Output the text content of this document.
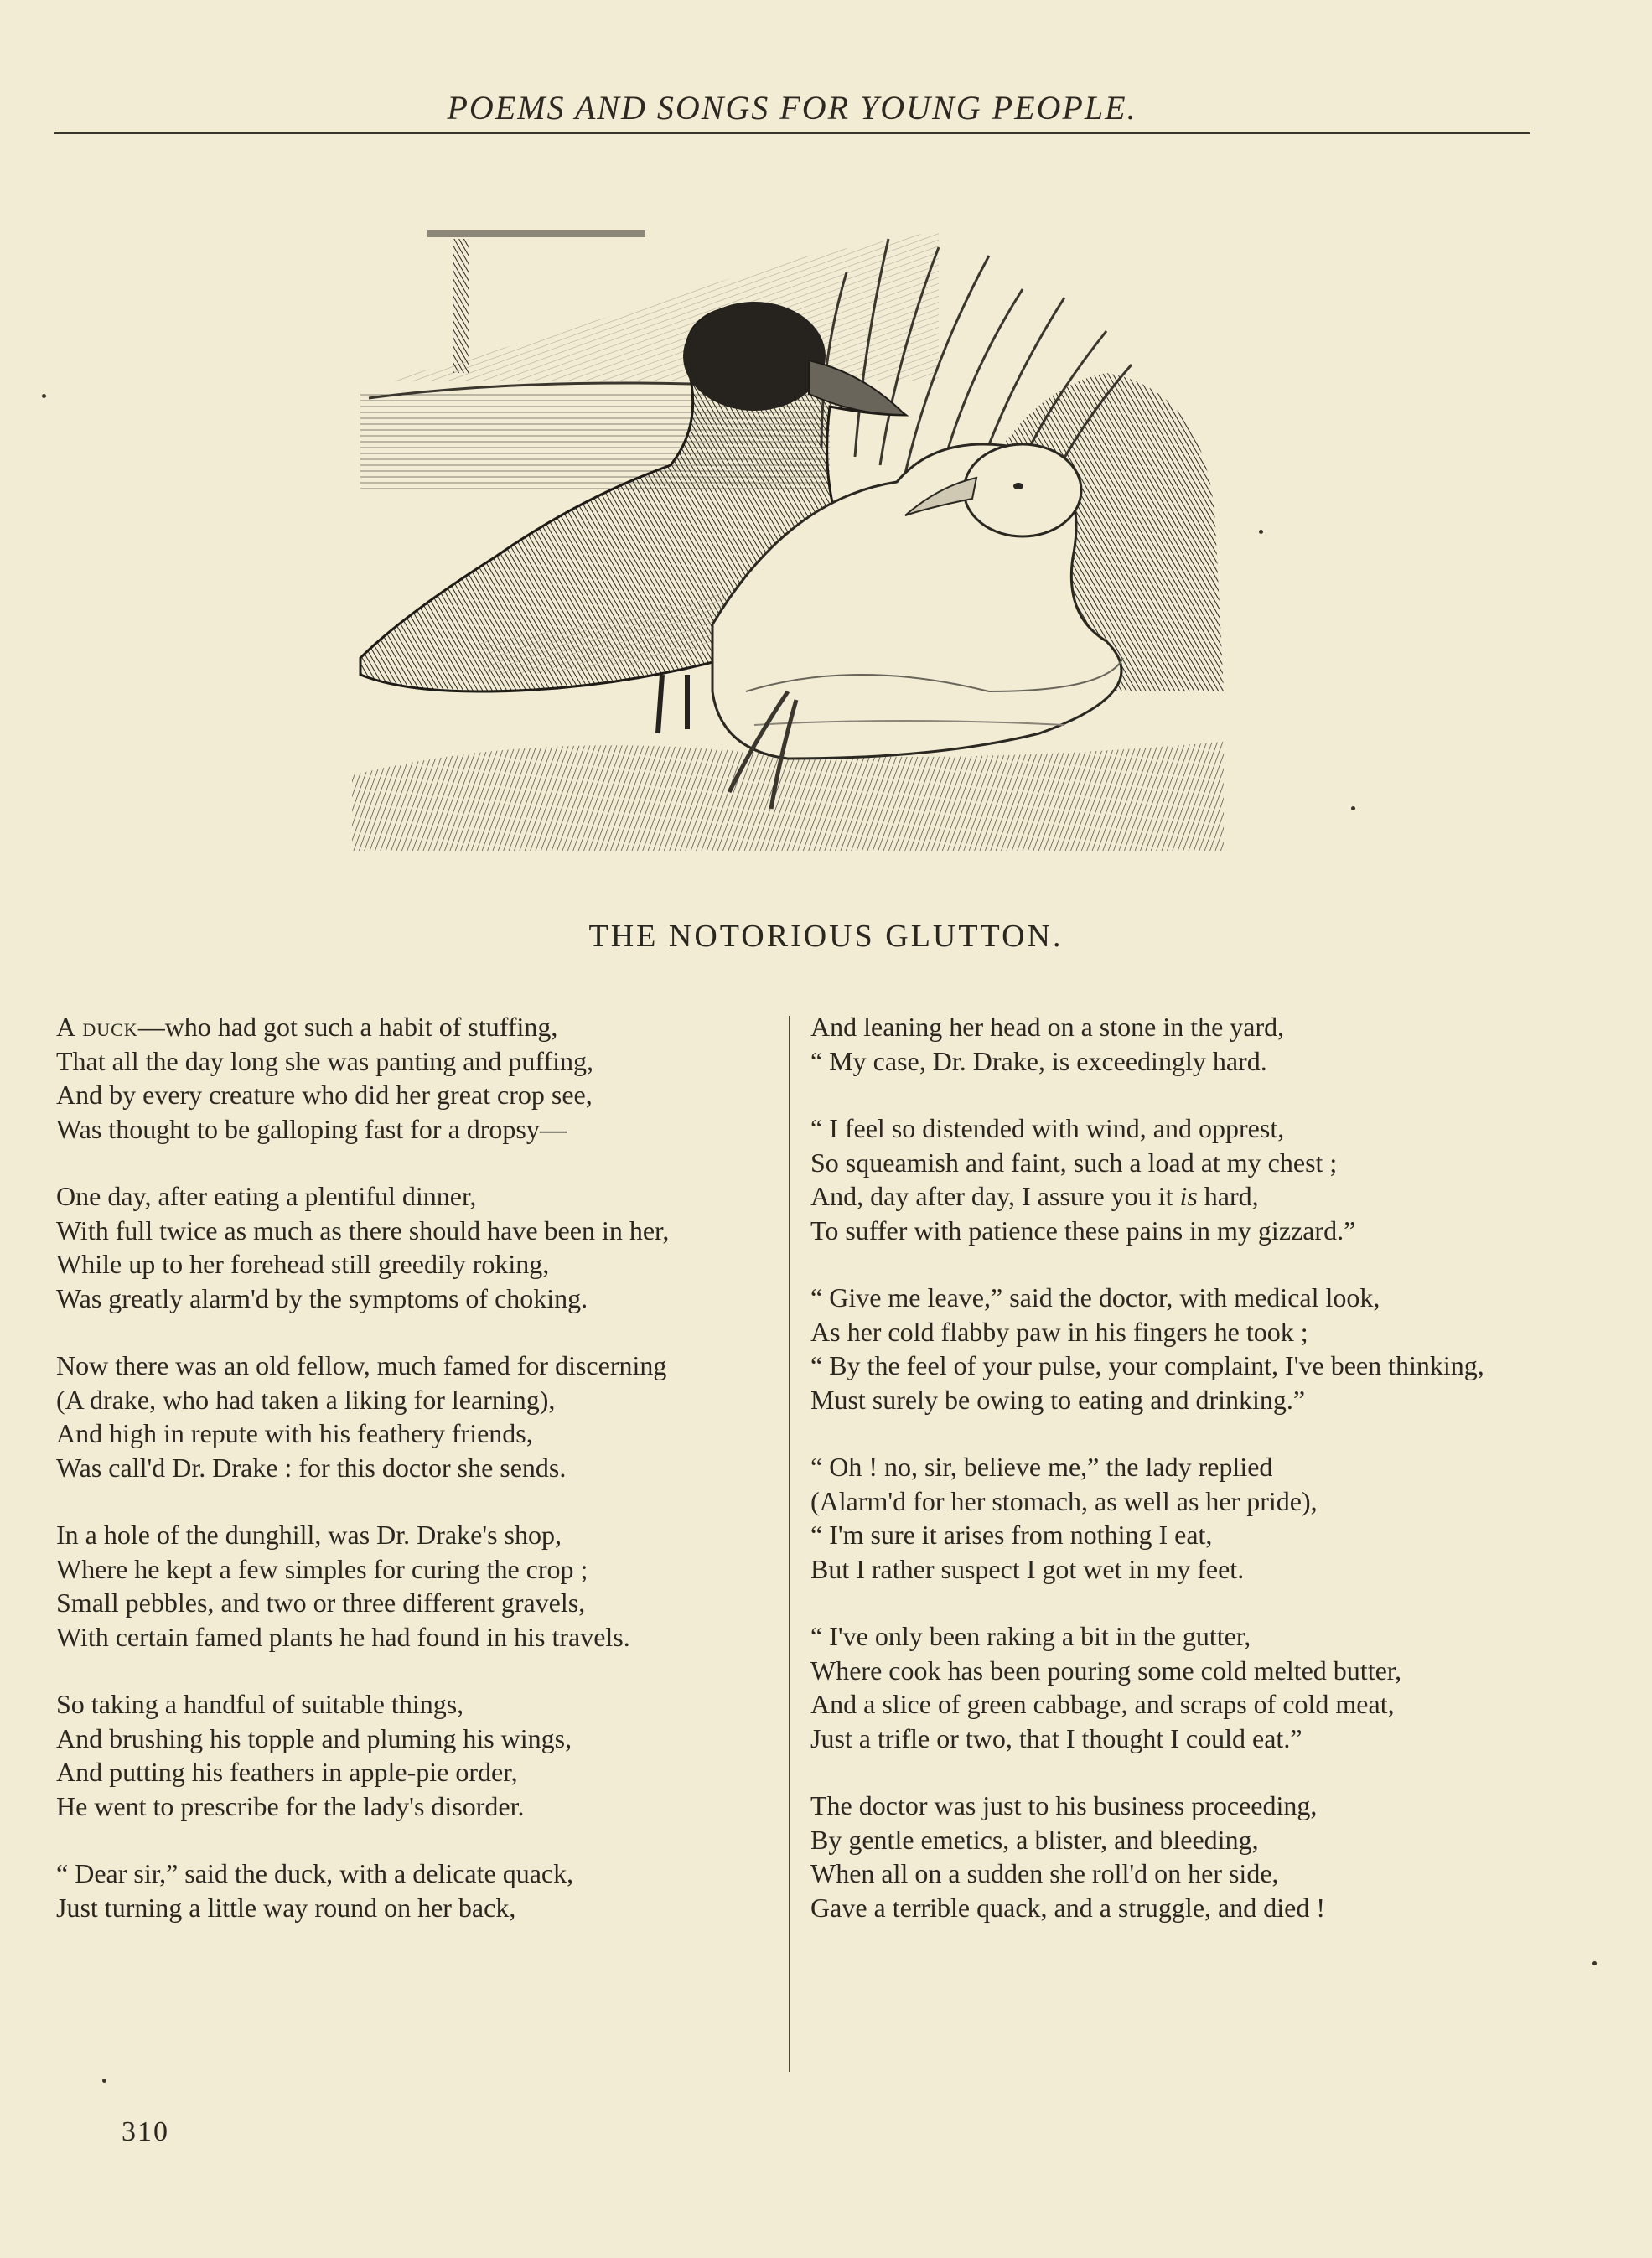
POEMS AND SONGS FOR YOUNG PEOPLE.
THE NOTORIOUS GLUTTON.
A duck—who had got such a habit of stuffing,
That all the day long she was panting and puffing,
And by every creature who did her great crop see,
Was thought to be galloping fast for a dropsy—
One day, after eating a plentiful dinner,
With full twice as much as there should have been in her,
While up to her forehead still greedily roking,
Was greatly alarm'd by the symptoms of choking.
Now there was an old fellow, much famed for discerning
(A drake, who had taken a liking for learning),
And high in repute with his feathery friends,
Was call'd Dr. Drake : for this doctor she sends.
In a hole of the dunghill, was Dr. Drake's shop,
Where he kept a few simples for curing the crop ;
Small pebbles, and two or three different gravels,
With certain famed plants he had found in his travels.
So taking a handful of suitable things,
And brushing his topple and pluming his wings,
And putting his feathers in apple-pie order,
He went to prescribe for the lady's disorder.
“ Dear sir,” said the duck, with a delicate quack,
Just turning a little way round on her back,
And leaning her head on a stone in the yard,
“ My case, Dr. Drake, is exceedingly hard.
“ I feel so distended with wind, and opprest,
So squeamish and faint, such a load at my chest ;
And, day after day, I assure you it is hard,
To suffer with patience these pains in my gizzard.”
“ Give me leave,” said the doctor, with medical look,
As her cold flabby paw in his fingers he took ;
“ By the feel of your pulse, your complaint, I've been thinking,
Must surely be owing to eating and drinking.”
“ Oh ! no, sir, believe me,” the lady replied
(Alarm'd for her stomach, as well as her pride),
“ I'm sure it arises from nothing I eat,
But I rather suspect I got wet in my feet.
“ I've only been raking a bit in the gutter,
Where cook has been pouring some cold melted butter,
And a slice of green cabbage, and scraps of cold meat,
Just a trifle or two, that I thought I could eat.”
The doctor was just to his business proceeding,
By gentle emetics, a blister, and bleeding,
When all on a sudden she roll'd on her side,
Gave a terrible quack, and a struggle, and died !
310
